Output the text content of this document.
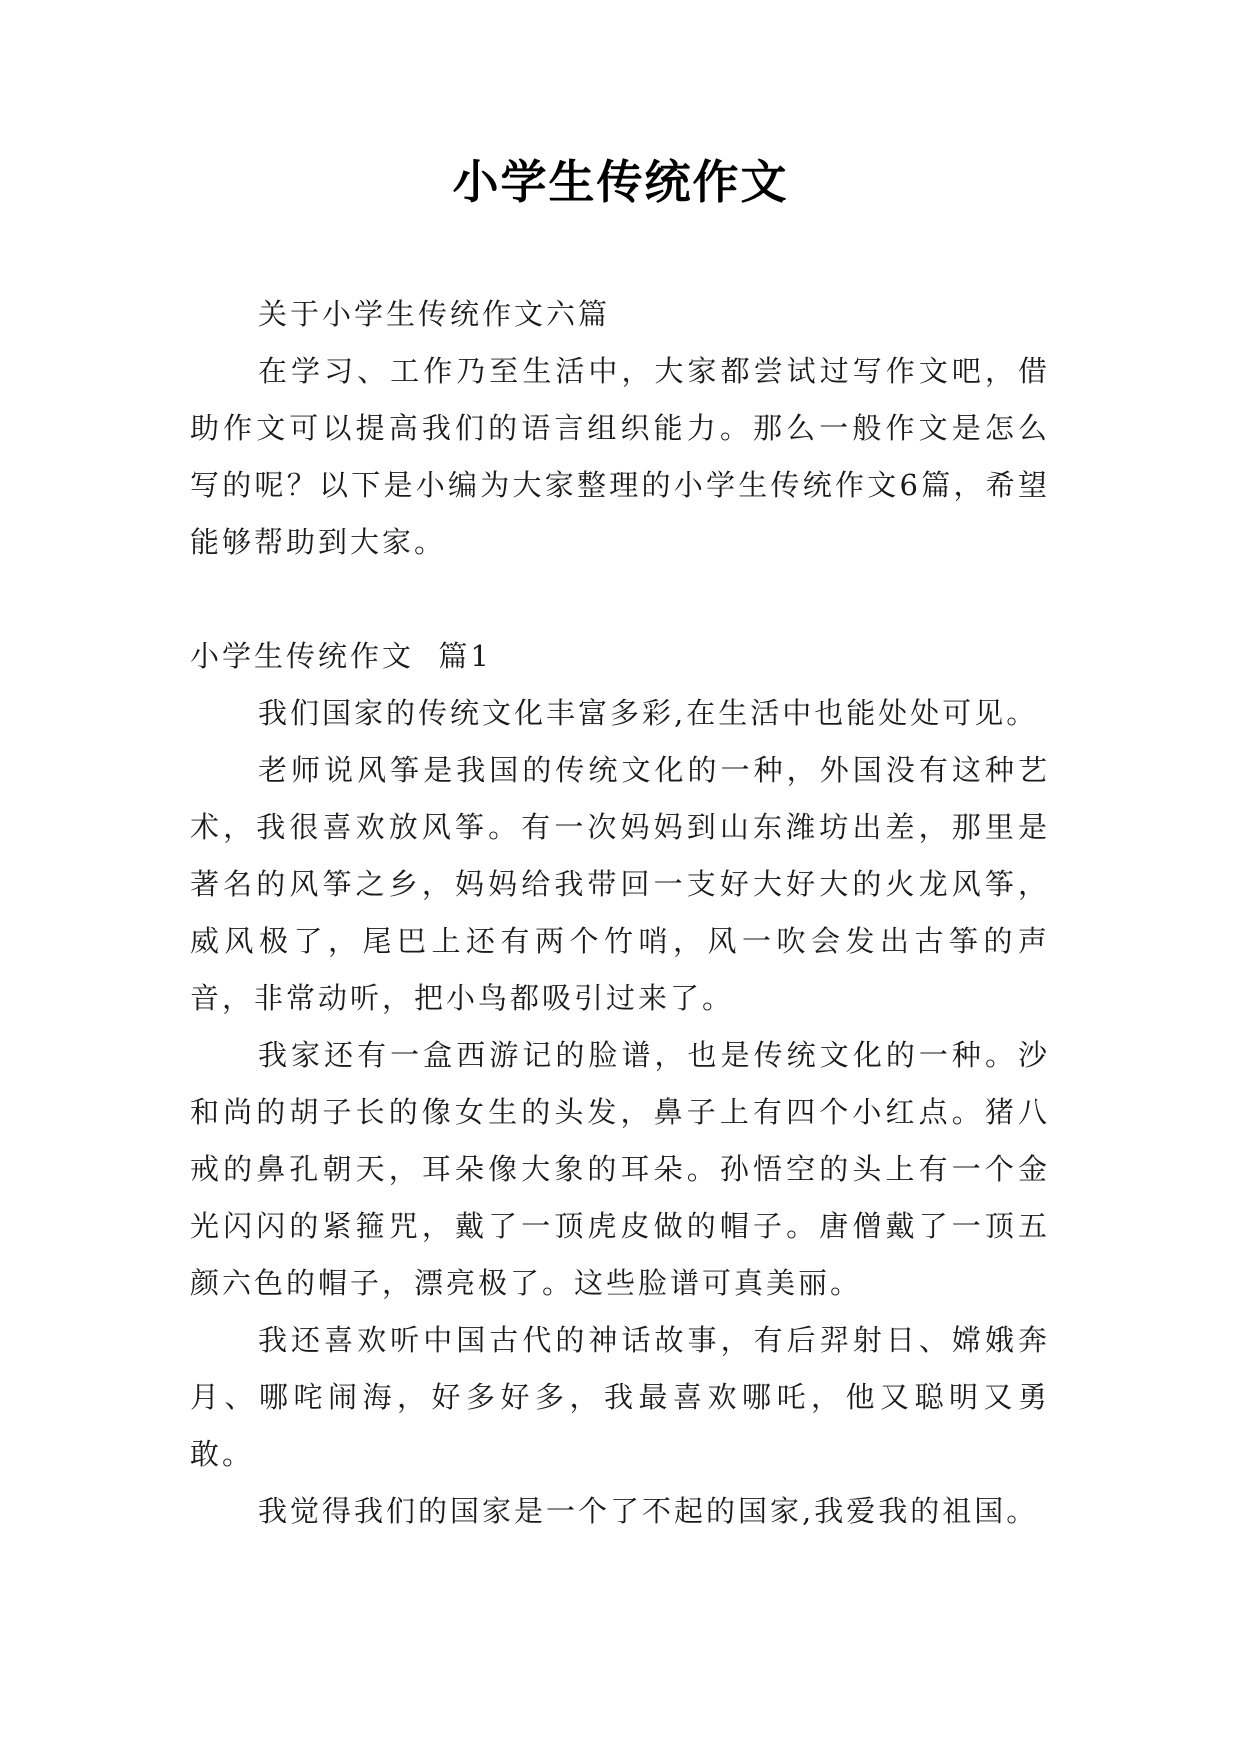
小学生传统作文

关于小学生传统作文六篇

在学习、工作乃至生活中，大家都尝试过写作文吧，借助作文可以提高我们的语言组织能力。那么一般作文是怎么写的呢？以下是小编为大家整理的小学生传统作文6篇，希望能够帮助到大家。

小学生传统作文  篇1

我们国家的传统文化丰富多彩,在生活中也能处处可见。

老师说风筝是我国的传统文化的一种，外国没有这种艺术，我很喜欢放风筝。有一次妈妈到山东潍坊出差，那里是著名的风筝之乡，妈妈给我带回一支好大好大的火龙风筝，威风极了，尾巴上还有两个竹哨，风一吹会发出古筝的声音，非常动听，把小鸟都吸引过来了。

我家还有一盒西游记的脸谱，也是传统文化的一种。沙和尚的胡子长的像女生的头发，鼻子上有四个小红点。猪八戒的鼻孔朝天，耳朵像大象的耳朵。孙悟空的头上有一个金光闪闪的紧箍咒，戴了一顶虎皮做的帽子。唐僧戴了一顶五颜六色的帽子，漂亮极了。这些脸谱可真美丽。

我还喜欢听中国古代的神话故事，有后羿射日、嫦娥奔月、哪咤闹海，好多好多，我最喜欢哪吒，他又聪明又勇敢。

我觉得我们的国家是一个了不起的国家,我爱我的祖国。
